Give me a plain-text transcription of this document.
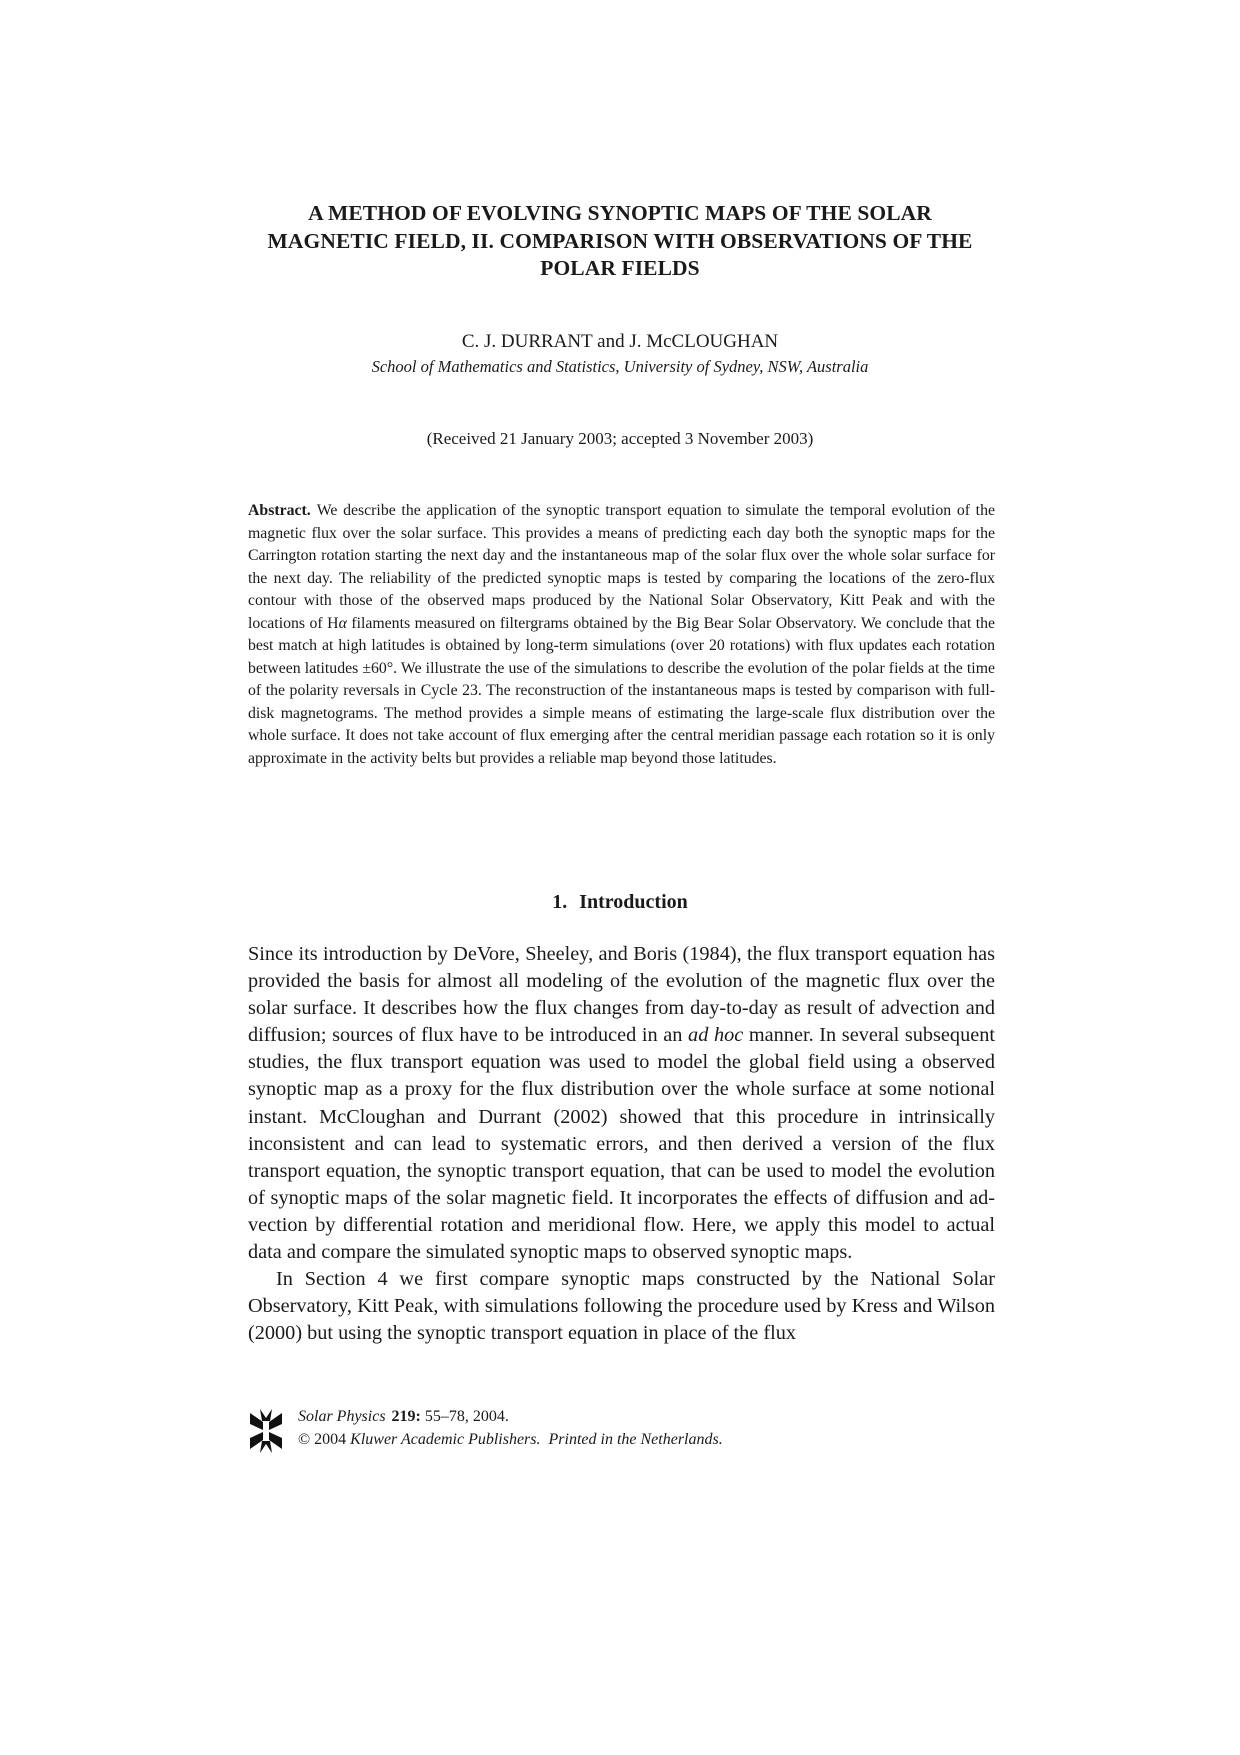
A METHOD OF EVOLVING SYNOPTIC MAPS OF THE SOLAR
MAGNETIC FIELD, II. COMPARISON WITH OBSERVATIONS OF THE
POLAR FIELDS
C. J. DURRANT and J. McCLOUGHAN
School of Mathematics and Statistics, University of Sydney, NSW, Australia
(Received 21 January 2003; accepted 3 November 2003)

Abstract. We describe the application of the synoptic transport equation to simulate the temporal evolution of the magnetic flux over the solar surface. This provides a means of predicting each day both the synoptic maps for the Carrington rotation starting the next day and the instantaneous map of the solar flux over the whole solar surface for the next day. The reliability of the predicted synoptic maps is tested by comparing the locations of the zero-flux contour with those of the observed maps produced by the National Solar Observatory, Kitt Peak and with the locations of Hα filaments measured on filtergrams obtained by the Big Bear Solar Observatory. We conclude that the best match at high latitudes is obtained by long-term simulations (over 20 rotations) with flux updates each rotation between latitudes ±60°. We illustrate the use of the simulations to describe the evolution of the polar fields at the time of the polarity reversals in Cycle 23. The reconstruction of the instantaneous maps is tested by comparison with full-disk magnetograms. The method provides a simple means of estimating the large-scale flux distribution over the whole surface. It does not take account of flux emerging after the central meridian passage each rotation so it is only approximate in the activity belts but provides a reliable map beyond those latitudes.

1. Introduction

Since its introduction by DeVore, Sheeley, and Boris (1984), the flux transport equation has provided the basis for almost all modeling of the evolution of the magnetic flux over the solar surface. It describes how the flux changes from day-to-day as result of advection and diffusion; sources of flux have to be introduced in an ad hoc manner. In several subsequent studies, the flux transport equation was used to model the global field using a observed synoptic map as a proxy for the flux distribution over the whole surface at some notional instant. McCloughan and Durrant (2002) showed that this procedure in intrinsically inconsistent and can lead to systematic errors, and then derived a version of the flux transport equation, the synoptic transport equation, that can be used to model the evolution of synoptic maps of the solar magnetic field. It incorporates the effects of diffusion and advection by differential rotation and meridional flow. Here, we apply this model to actual data and compare the simulated synoptic maps to observed synoptic maps.

In Section 4 we first compare synoptic maps constructed by the National Solar Observatory, Kitt Peak, with simulations following the procedure used by Kress and Wilson (2000) but using the synoptic transport equation in place of the flux

Solar Physics 219: 55–78, 2004.
© 2004 Kluwer Academic Publishers. Printed in the Netherlands.
